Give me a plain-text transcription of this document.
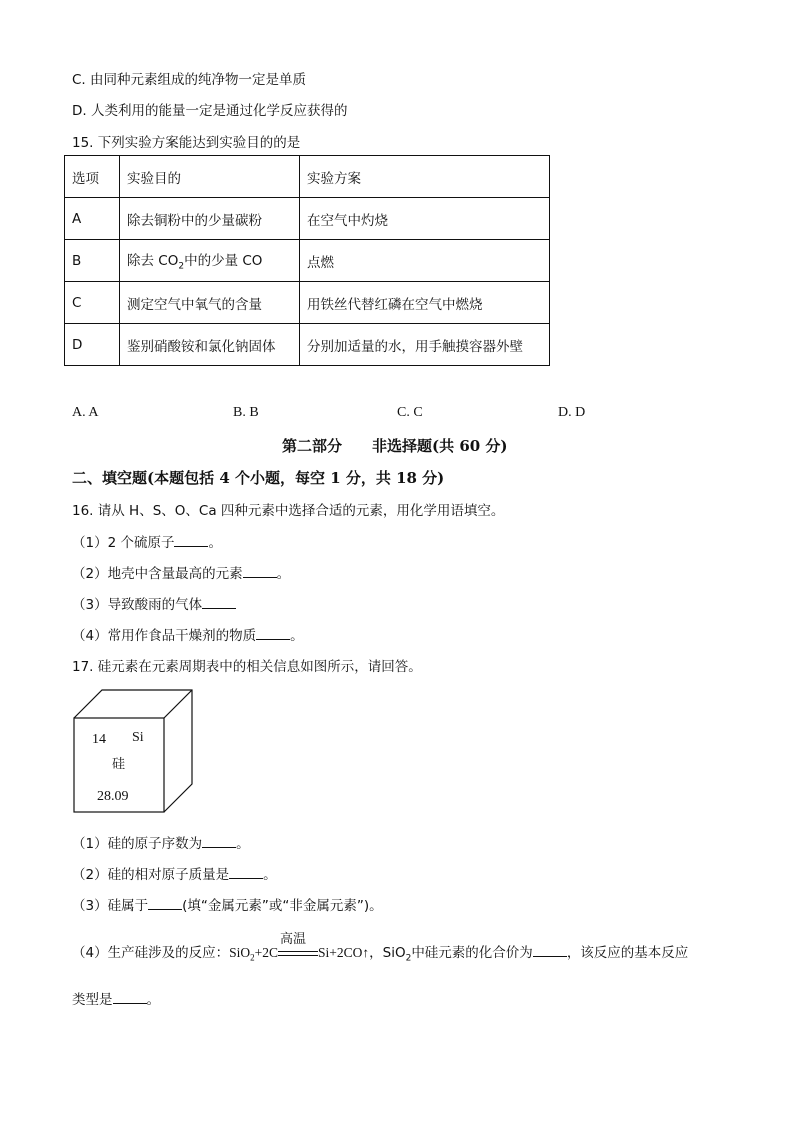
C. 由同种元素组成的纯净物一定是单质
D. 人类利用的能量一定是通过化学反应获得的
15. 下列实验方案能达到实验目的的是
选项	实验目的	实验方案
A	除去铜粉中的少量碳粉	在空气中灼烧
B	除去 $CO_2$中的少量 CO	点燃
C	测定空气中氧气的含量	用铁丝代替红磷在空气中燃烧
D	鉴别硝酸铵和氯化钠固体	分别加适量的水，用手触摸容器外壁
A. A	B. B	C. C	D. D
第二部分　　非选择题(共 60 分)
二、填空题(本题包括 4 个小题，每空 1 分，共 18 分)
16. 请从 H、S、O、Ca 四种元素中选择合适的元素，用化学用语填空。
（1）2 个硫原子	。
（2）地壳中含量最高的元素	。
（3）导致酸雨的气体
（4）常用作食品干燥剂的物质	。
17. 硅元素在元素周期表中的相关信息如图所示，请回答。
14 Si
硅
28.09
（1）硅的原子序数为	。
（2）硅的相对原子质量是	。
（3）硅属于	(填“金属元素”或“非金属元素”)。
（4）生产硅涉及的反应：SiO$_2$+2C
高温
Si+2CO↑，SiO$_2$中硅元素的化合价为	，该反应的基本反应
类型是	。
